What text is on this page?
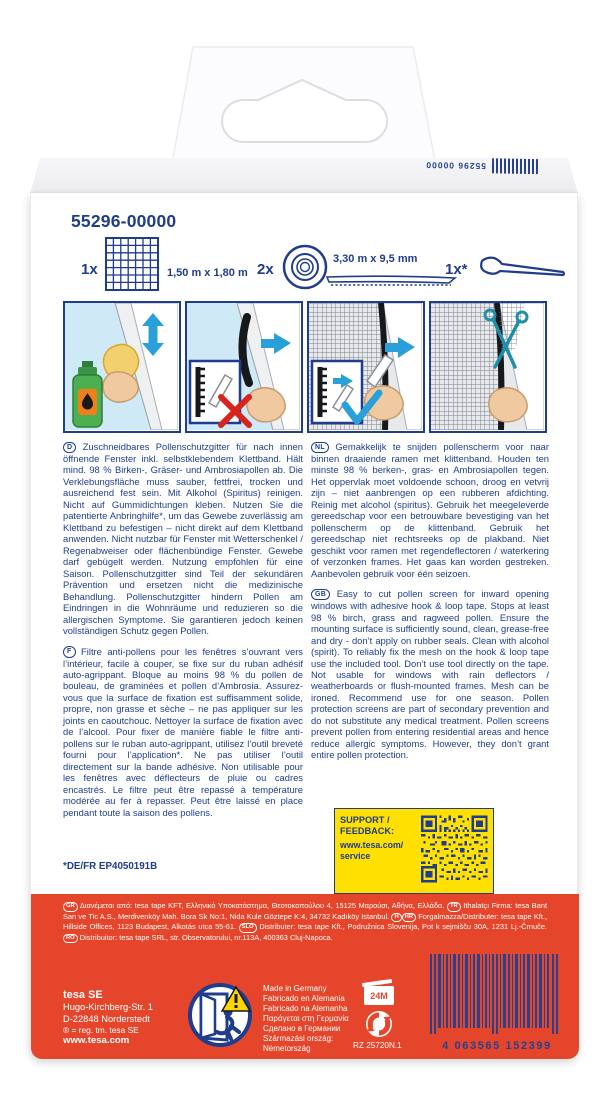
55296 00000
55296-00000
1x	1,50 m x 1,80 m 2x
3,30 m x 9,5 mm
1x*

D Zuschneidbares Pollenschutzgitter für nach innen öffnende Fenster inkl. selbstklebendem Klettband. Hält mind. 98 % Birken-, Gräser- und Ambrosiapollen ab. Die Verklebungsfläche muss sauber, fettfrei, trocken und ausreichend fest sein. Mit Alkohol (Spiritus) reinigen. Nicht auf Gummidichtungen kleben. Nutzen Sie die patentierte Anbringhilfe*, um das Gewebe zuverlässig am Klettband zu befestigen – nicht direkt auf dem Klettband anwenden. Nicht nutzbar für Fenster mit Wetterschenkel / Regenabweiser oder flächenbündige Fenster. Gewebe darf gebügelt werden. Nutzung empfohlen für eine Saison. Pollenschutzgitter sind Teil der sekundären Prävention und ersetzen nicht die medizinische Behandlung. Pollenschutzgitter hindern Pollen am Eindringen in die Wohnräume und reduzieren so die allergischen Symptome. Sie garantieren jedoch keinen vollständigen Schutz gegen Pollen.

F Filtre anti-pollens pour les fenêtres s’ouvrant vers l’intérieur, facile à couper, se fixe sur du ruban adhésif auto-agrippant. Bloque au moins 98 % du pollen de bouleau, de graminées et pollen d’Ambrosia. Assurez-vous que la surface de fixation est suffisamment solide, propre, non grasse et sèche – ne pas appliquer sur les joints en caoutchouc. Nettoyer la surface de fixation avec de l’alcool. Pour fixer de manière fiable le filtre anti-pollens sur le ruban auto-agrippant, utilisez l’outil breveté fourni pour l’application*. Ne pas utiliser l’outil directement sur la bande adhésive. Non utilisable pour les fenêtres avec déflecteurs de pluie ou cadres encastrés. Le filtre peut être repassé à température modérée au fer à repasser. Peut être laissé en place pendant toute la saison des pollens.

*DE/FR EP4050191B

NL Gemakkelijk te snijden pollenscherm voor naar binnen draaiende ramen met klittenband. Houden ten minste 98 % berken-, gras- en Ambrosiapollen tegen. Het oppervlak moet voldoende schoon, droog en vetvrij zijn – niet aanbrengen op een rubberen afdichting. Reinig met alcohol (spiritus). Gebruik het meegeleverde gereedschap voor een betrouwbare bevestiging van het pollenscherm op de klittenband. Gebruik het gereedschap niet rechtsreeks op de plakband. Niet geschikt voor ramen met regendeflectoren / waterkering of verzonken frames. Het gaas kan worden gestreken. Aanbevolen gebruik voor één seizoen.

GB Easy to cut pollen screen for inward opening windows with adhesive hook & loop tape. Stops at least 98 % birch, grass and ragweed pollen. Ensure the mounting surface is sufficiently sound, clean, grease-free and dry - don’t apply on rubber seals. Clean with alcohol (spirit). To reliably fix the mesh on the hook & loop tape use the included tool. Don’t use tool directly on the tape. Not usable for windows with rain deflectors / weatherboards or flush-mounted frames. Mesh can be ironed. Recommend use for one season. Pollen protection screens are part of secondary prevention and do not substitute any medical treatment. Pollen screens prevent pollen from entering residential areas and hence reduce allergic symptoms. However, they don’t grant entire pollen protection.

SUPPORT /
FEEDBACK:
www.tesa.com/
service

GR Διανέμεται από: tesa tape KFT, Ελληνικό Υποκατάστημα, Θεοτοκοπούλου 4, 15125 Μαρούσι, Αθήνα, Ελλάδα. TR Ithalatçı Firma: tesa Bant San ve Tic A.S., Merdivenköy Mah. Bora Sk No:1, Nida Kule Göztepe K:4, 34732 Kadıköy Istanbul. H HR Forgalmazza/Distributer: tesa tape Kft., Hillside Offices, 1123 Budapest, Alkotás utca 55-61. SLO Distributer: tesa tape Kft., Podružnica Slovenija, Pot k sejmišču 30A, 1231 Lj.-Črnuče. RO Distribuitor: tesa tape SRL, str. Observatorului, nr.113A, 400363 Cluj-Napoca.

tesa SE
Hugo-Kirchberg-Str. 1
D-22848 Norderstedt
® = reg. tm. tesa SE
www.tesa.com
Made in Germany
Fabricado en Alemania
Fabricado na Alemanha
Παράγεται στη Γερμανία
Сделано в Германии
Származási ország:
Németország
24M
RZ 25720N.1	4 063565 152399
